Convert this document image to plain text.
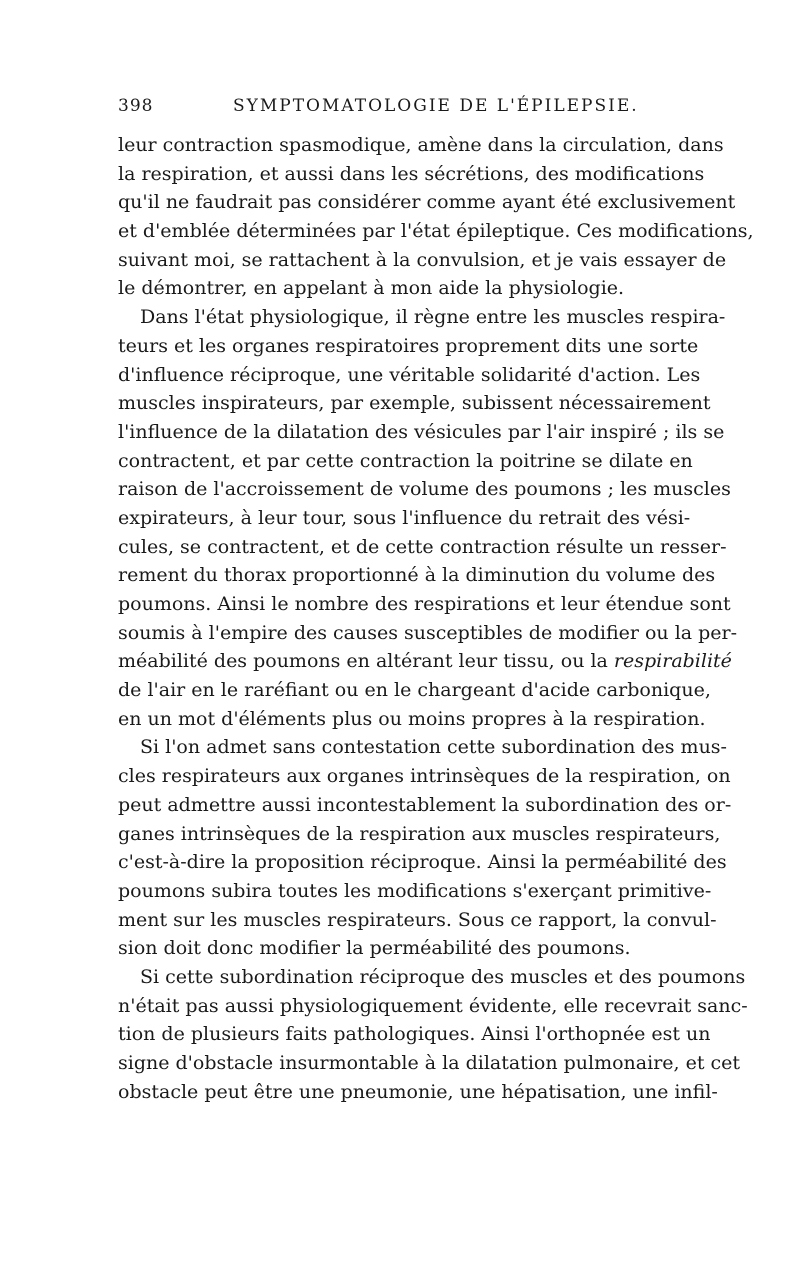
398	SYMPTOMATOLOGIE DE L'ÉPILEPSIE.
leur contraction spasmodique, amène dans la circulation, dans
la respiration, et aussi dans les sécrétions, des modifications
qu'il ne faudrait pas considérer comme ayant été exclusivement
et d'emblée déterminées par l'état épileptique. Ces modifications,
suivant moi, se rattachent à la convulsion, et je vais essayer de
le démontrer, en appelant à mon aide la physiologie.
Dans l'état physiologique, il règne entre les muscles respira-
teurs et les organes respiratoires proprement dits une sorte
d'influence réciproque, une véritable solidarité d'action. Les
muscles inspirateurs, par exemple, subissent nécessairement
l'influence de la dilatation des vésicules par l'air inspiré ; ils se
contractent, et par cette contraction la poitrine se dilate en
raison de l'accroissement de volume des poumons ; les muscles
expirateurs, à leur tour, sous l'influence du retrait des vési-
cules, se contractent, et de cette contraction résulte un resser-
rement du thorax proportionné à la diminution du volume des
poumons. Ainsi le nombre des respirations et leur étendue sont
soumis à l'empire des causes susceptibles de modifier ou la per-
méabilité des poumons en altérant leur tissu, ou la respirabilité
de l'air en le raréfiant ou en le chargeant d'acide carbonique,
en un mot d'éléments plus ou moins propres à la respiration.
Si l'on admet sans contestation cette subordination des mus-
cles respirateurs aux organes intrinsèques de la respiration, on
peut admettre aussi incontestablement la subordination des or-
ganes intrinsèques de la respiration aux muscles respirateurs,
c'est-à-dire la proposition réciproque. Ainsi la perméabilité des
poumons subira toutes les modifications s'exerçant primitive-
ment sur les muscles respirateurs. Sous ce rapport, la convul-
sion doit donc modifier la perméabilité des poumons.
Si cette subordination réciproque des muscles et des poumons
n'était pas aussi physiologiquement évidente, elle recevrait sanc-
tion de plusieurs faits pathologiques. Ainsi l'orthopnée est un
signe d'obstacle insurmontable à la dilatation pulmonaire, et cet
obstacle peut être une pneumonie, une hépatisation, une infil-
